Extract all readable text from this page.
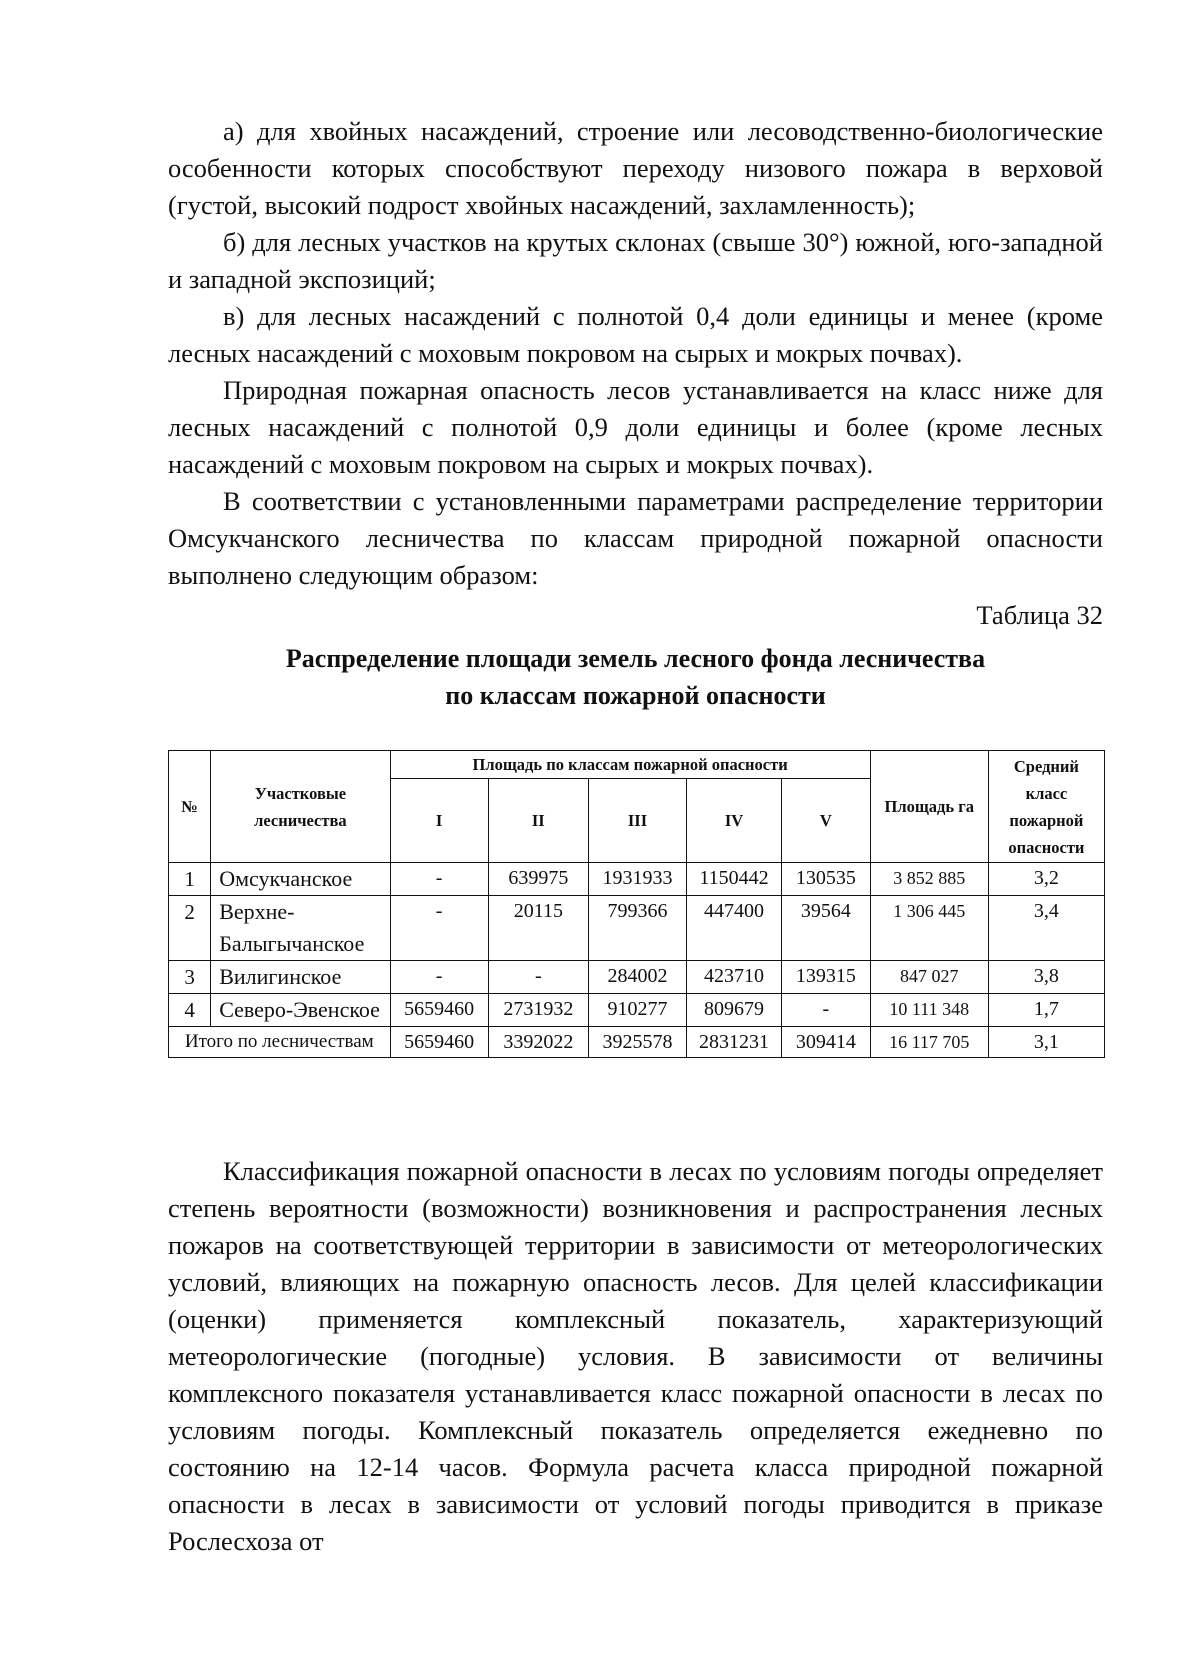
а) для хвойных насаждений, строение или лесоводственно-биологические особенности которых способствуют переходу низового пожара в верховой (густой, высокий подрост хвойных насаждений, захламленность);

б) для лесных участков на крутых склонах (свыше 30°) южной, юго-западной и западной экспозиций;

в) для лесных насаждений с полнотой 0,4 доли единицы и менее (кроме лесных насаждений с моховым покровом на сырых и мокрых почвах).

Природная пожарная опасность лесов устанавливается на класс ниже для лесных насаждений с полнотой 0,9 доли единицы и более (кроме лесных насаждений с моховым покровом на сырых и мокрых почвах).

В соответствии с установленными параметрами распределение территории Омсукчанского лесничества по классам природной пожарной опасности выполнено следующим образом:

Таблица 32
Распределение площади земель лесного фонда лесничества
по классам пожарной опасности
№	Участковые лесничества	Площадь по классам пожарной опасности					Площадь га	Средний класс пожарной опасности
		I	II	III	IV	V		
1	Омсукчанское	-	639975	1931933	1150442	130535	3 852 885	3,2
2	Верхне-Балыгычанское	-	20115	799366	447400	39564	1 306 445	3,4
3	Вилигинское	-	-	284002	423710	139315	847 027	3,8
4	Северо-Эвенское	5659460	2731932	910277	809679	-	10 111 348	1,7
Итого по лесничествам		5659460	3392022	3925578	2831231	309414	16 117 705	3,1

Классификация пожарной опасности в лесах по условиям погоды определяет степень вероятности (возможности) возникновения и распространения лесных пожаров на соответствующей территории в зависимости от метеорологических условий, влияющих на пожарную опасность лесов. Для целей классификации (оценки) применяется комплексный показатель, характеризующий метеорологические (погодные) условия. В зависимости от величины комплексного показателя устанавливается класс пожарной опасности в лесах по условиям погоды. Комплексный показатель определяется ежедневно по состоянию на 12-14 часов. Формула расчета класса природной пожарной опасности в лесах в зависимости от условий погоды приводится в приказе Рослесхоза от
